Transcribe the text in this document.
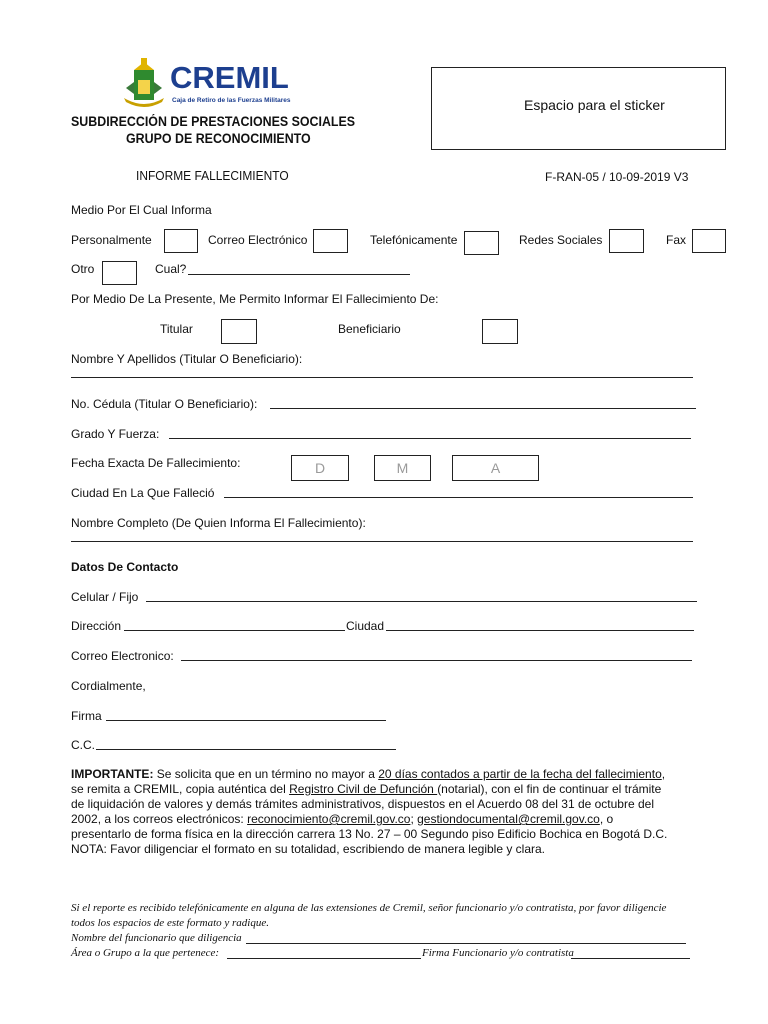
CREMIL
Caja de Retiro de las Fuerzas Militares
SUBDIRECCIÓN DE PRESTACIONES SOCIALES
GRUPO DE RECONOCIMIENTO
Espacio para el sticker
INFORME FALLECIMIENTO	F-RAN-05 / 10-09-2019 V3
Medio Por El Cual Informa
Personalmente	Correo Electrónico	Telefónicamente	Redes Sociales	Fax
Otro	Cual?
Por Medio De La Presente, Me Permito Informar El Fallecimiento De:
Titular	Beneficiario
Nombre Y Apellidos (Titular O Beneficiario):
No. Cédula (Titular O Beneficiario):
Grado Y Fuerza:
Fecha Exacta De Fallecimiento:	D	M	A
Ciudad En La Que Falleció
Nombre Completo (De Quien Informa El Fallecimiento):
Datos De Contacto
Celular / Fijo
Dirección	Ciudad
Correo Electronico:
Cordialmente,
Firma
C.C.
IMPORTANTE: Se solicita que en un término no mayor a 20 días contados a partir de la fecha del fallecimiento,
se remita a CREMIL, copia auténtica del Registro Civil de Defunción (notarial), con el fin de continuar el trámite
de liquidación de valores y demás trámites administrativos, dispuestos en el Acuerdo 08 del 31 de octubre del
2002, a los correos electrónicos: reconocimiento@cremil.gov.co; gestiondocumental@cremil.gov.co, o
presentarlo de forma física en la dirección carrera 13 No. 27 – 00 Segundo piso Edificio Bochica en Bogotá D.C.
NOTA: Favor diligenciar el formato en su totalidad, escribiendo de manera legible y clara.
Si el reporte es recibido telefónicamente en alguna de las extensiones de Cremil, señor funcionario y/o contratista, por favor diligencie
todos los espacios de este formato y radique.
Nombre del funcionario que diligencia
Área o Grupo a la que pertenece:	Firma Funcionario y/o contratista
